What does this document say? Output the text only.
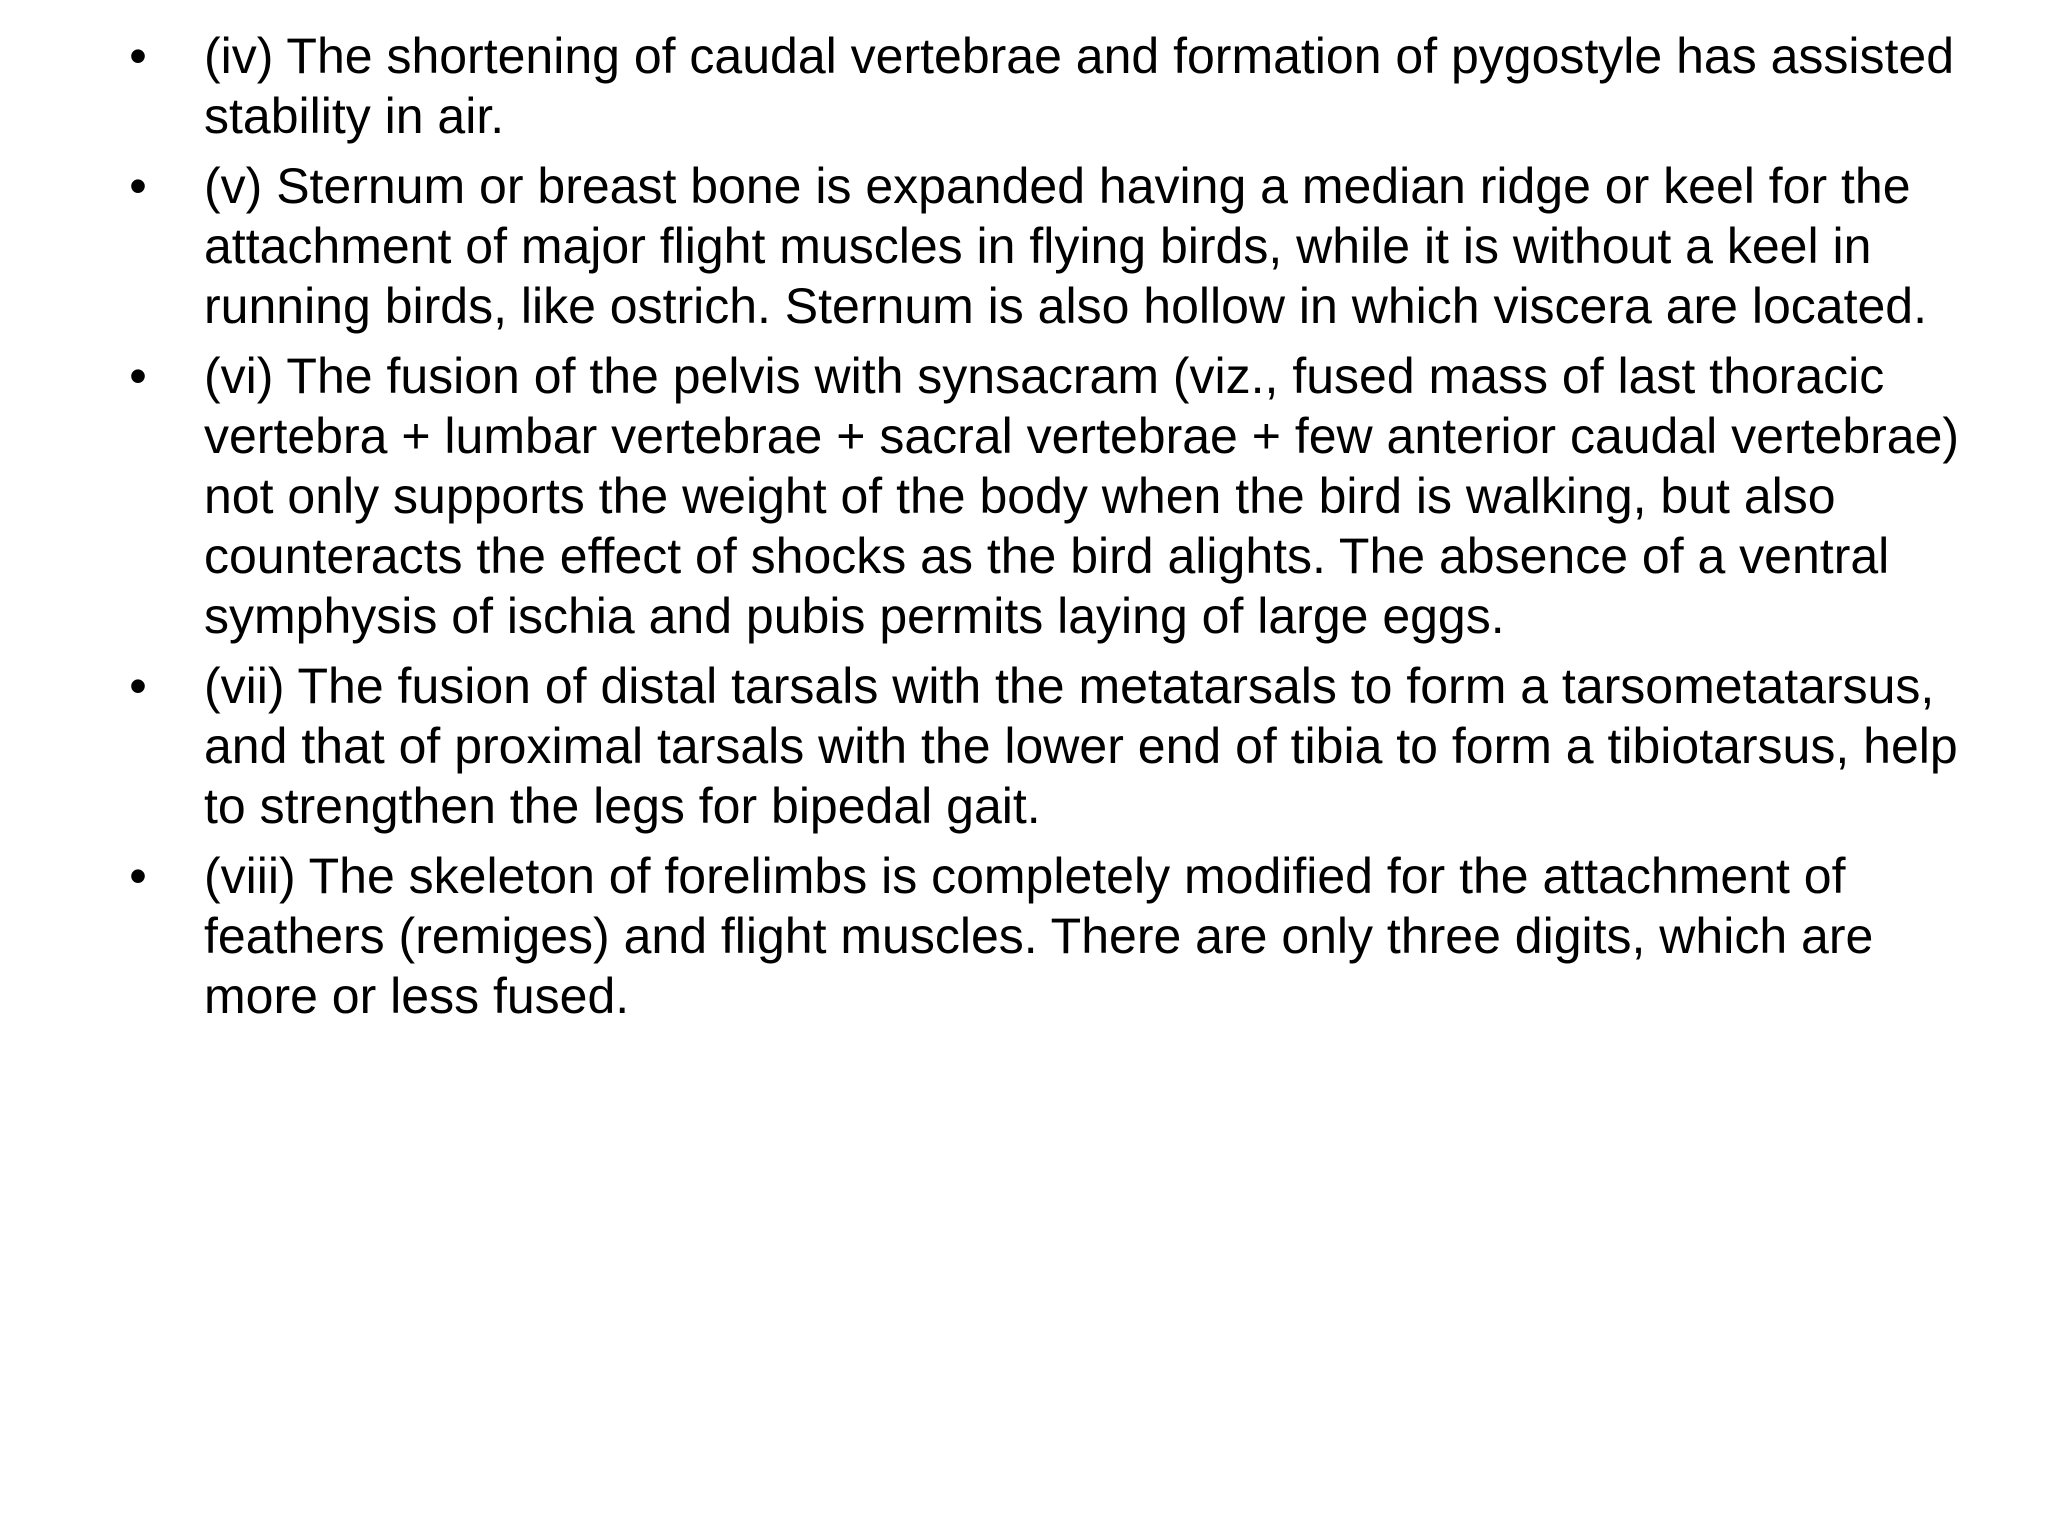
• (iv) The shortening of caudal vertebrae and formation of pygostyle has assisted stability in air.
• (v) Sternum or breast bone is expanded having a median ridge or keel for the attachment of major flight muscles in flying birds, while it is without a keel in running birds, like ostrich. Sternum is also hollow in which viscera are located.
• (vi) The fusion of the pelvis with synsacram (viz., fused mass of last thoracic vertebra + lumbar vertebrae + sacral vertebrae + few anterior caudal vertebrae) not only supports the weight of the body when the bird is walking, but also counteracts the effect of shocks as the bird alights. The absence of a ventral symphysis of ischia and pubis permits laying of large eggs.
• (vii) The fusion of distal tarsals with the metatarsals to form a tarsometatarsus, and that of proximal tarsals with the lower end of tibia to form a tibiotarsus, help to strengthen the legs for bipedal gait.
• (viii) The skeleton of forelimbs is completely modified for the attachment of feathers (remiges) and flight muscles. There are only three digits, which are more or less fused.
